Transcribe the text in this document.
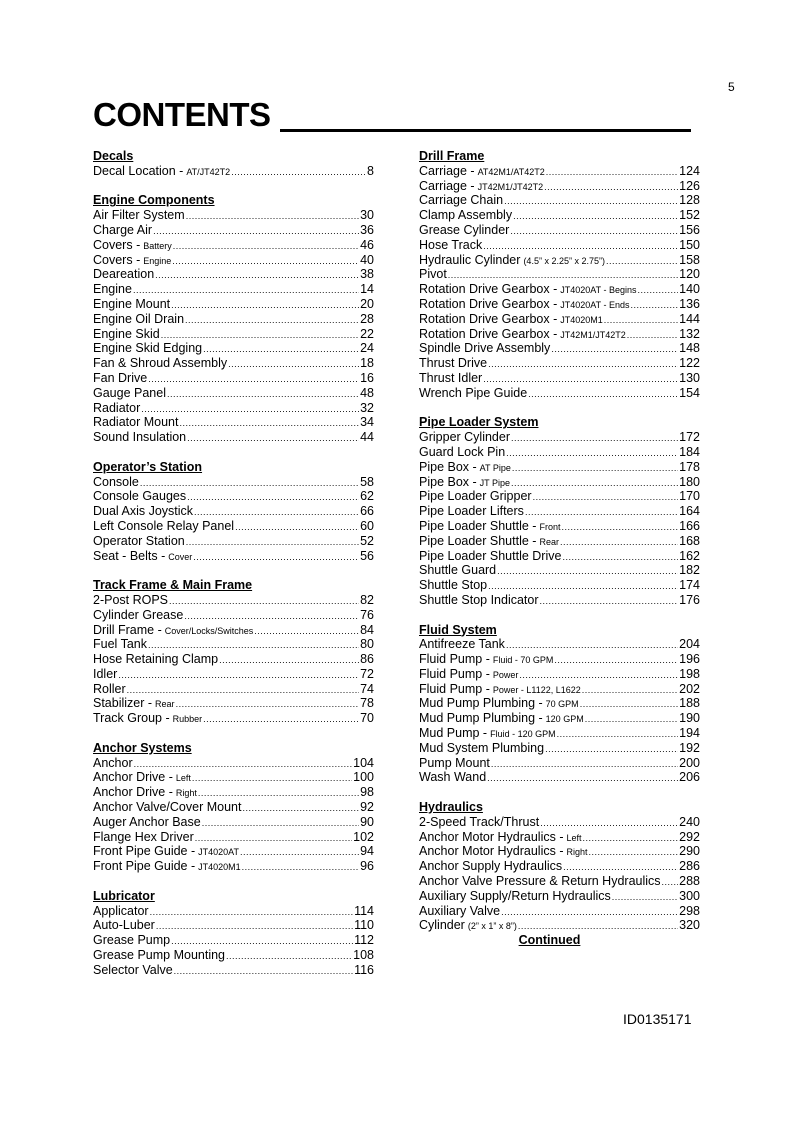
5
CONTENTS
Decals
Decal Location - AT/JT42T2 .....	8
Engine Components
Air Filter System .....	30
Charge Air .....	36
Covers - Battery .....	46
Covers - Engine .....	40
Deareation .....	38
Engine .....	14
Engine Mount .....	20
Engine Oil Drain .....	28
Engine Skid .....	22
Engine Skid Edging .....	24
Fan & Shroud Assembly .....	18
Fan Drive .....	16
Gauge Panel .....	48
Radiator .....	32
Radiator Mount .....	34
Sound Insulation .....	44
Operator’s Station
Console .....	58
Console Gauges .....	62
Dual Axis Joystick .....	66
Left Console Relay Panel .....	60
Operator Station .....	52
Seat - Belts - Cover .....	56
Track Frame & Main Frame
2-Post ROPS .....	82
Cylinder Grease .....	76
Drill Frame - Cover/Locks/Switches .....	84
Fuel Tank .....	80
Hose Retaining Clamp .....	86
Idler .....	72
Roller .....	74
Stabilizer - Rear .....	78
Track Group - Rubber .....	70
Anchor Systems
Anchor .....	104
Anchor Drive - Left .....	100
Anchor Drive - Right .....	98
Anchor Valve/Cover Mount .....	92
Auger Anchor Base .....	90
Flange Hex Driver .....	102
Front Pipe Guide - JT4020AT .....	94
Front Pipe Guide - JT4020M1 .....	96
Lubricator
Applicator .....	114
Auto-Luber .....	110
Grease Pump .....	112
Grease Pump Mounting .....	108
Selector Valve .....	116
Drill Frame
Carriage - AT42M1/AT42T2 .....	124
Carriage - JT42M1/JT42T2 .....	126
Carriage Chain .....	128
Clamp Assembly .....	152
Grease Cylinder .....	156
Hose Track .....	150
Hydraulic Cylinder (4.5” x 2.25” x 2.75”) .....	158
Pivot .....	120
Rotation Drive Gearbox - JT4020AT - Begins .....	140
Rotation Drive Gearbox - JT4020AT - Ends .....	136
Rotation Drive Gearbox - JT4020M1 .....	144
Rotation Drive Gearbox - JT42M1/JT42T2 .....	132
Spindle Drive Assembly .....	148
Thrust Drive .....	122
Thrust Idler .....	130
Wrench Pipe Guide .....	154
Pipe Loader System
Gripper Cylinder .....	172
Guard Lock Pin .....	184
Pipe Box - AT Pipe .....	178
Pipe Box - JT Pipe .....	180
Pipe Loader Gripper .....	170
Pipe Loader Lifters .....	164
Pipe Loader Shuttle - Front .....	166
Pipe Loader Shuttle - Rear .....	168
Pipe Loader Shuttle Drive .....	162
Shuttle Guard .....	182
Shuttle Stop .....	174
Shuttle Stop Indicator .....	176
Fluid System
Antifreeze Tank .....	204
Fluid Pump - Fluid - 70 GPM .....	196
Fluid Pump - Power .....	198
Fluid Pump - Power - L1122, L1622 .....	202
Mud Pump Plumbing - 70 GPM .....	188
Mud Pump Plumbing - 120 GPM .....	190
Mud Pump - Fluid - 120 GPM .....	194
Mud System Plumbing .....	192
Pump Mount .....	200
Wash Wand .....	206
Hydraulics
2-Speed Track/Thrust .....	240
Anchor Motor Hydraulics - Left .....	292
Anchor Motor Hydraulics - Right .....	290
Anchor Supply Hydraulics .....	286
Anchor Valve Pressure & Return Hydraulics ..... 288
Auxiliary Supply/Return Hydraulics .....	300
Auxiliary Valve .....	298
Cylinder (2” x 1” x 8”) .....	320
Continued
ID0135171
